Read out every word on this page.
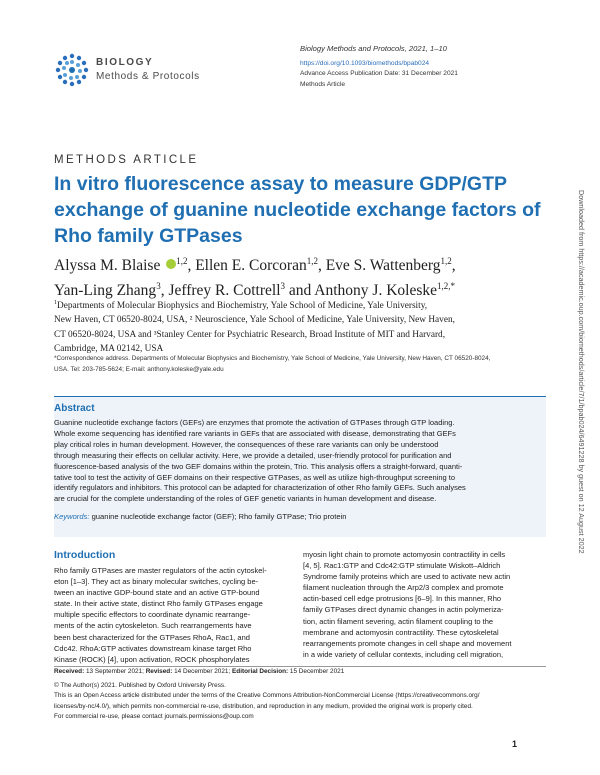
BIOLOGY
Methods & Protocols
Biology Methods and Protocols, 2021, 1–10
https://doi.org/10.1093/biomethods/bpab024
Advance Access Publication Date: 31 December 2021
Methods Article
METHODS ARTICLE
In vitro fluorescence assay to measure GDP/GTP
exchange of guanine nucleotide exchange factors of
Rho family GTPases
Alyssa M. Blaise $^{1,2}$, Ellen E. Corcoran$^{1,2}$, Eve S. Wattenberg$^{1,2}$,
Yan-Ling Zhang$^3$, Jeffrey R. Cottrell$^3$ and Anthony J. Koleske$^{1,2,*}$
$^1$Departments of Molecular Biophysics and Biochemistry, Yale School of Medicine, Yale University,
New Haven, CT 06520-8024, USA, ² Neuroscience, Yale School of Medicine, Yale University, New Haven,
CT 06520-8024, USA and ³Stanley Center for Psychiatric Research, Broad Institute of MIT and Harvard,
Cambridge, MA 02142, USA
*Correspondence address. Departments of Molecular Biophysics and Biochemistry, Yale School of Medicine, Yale University, New Haven, CT 06520-8024,
USA. Tel: 203-785-5624; E-mail: anthony.koleske@yale.edu
Abstract
Guanine nucleotide exchange factors (GEFs) are enzymes that promote the activation of GTPases through GTP loading.
Whole exome sequencing has identified rare variants in GEFs that are associated with disease, demonstrating that GEFs
play critical roles in human development. However, the consequences of these rare variants can only be understood
through measuring their effects on cellular activity. Here, we provide a detailed, user-friendly protocol for purification and
fluorescence-based analysis of the two GEF domains within the protein, Trio. This analysis offers a straight-forward, quanti-
tative tool to test the activity of GEF domains on their respective GTPases, as well as utilize high-throughput screening to
identify regulators and inhibitors. This protocol can be adapted for characterization of other Rho family GEFs. Such analyses
are crucial for the complete understanding of the roles of GEF genetic variants in human development and disease.
Keywords: guanine nucleotide exchange factor (GEF); Rho family GTPase; Trio protein
Introduction
Rho family GTPases are master regulators of the actin cytoskel-
eton [1–3]. They act as binary molecular switches, cycling be-
tween an inactive GDP-bound state and an active GTP-bound
state. In their active state, distinct Rho family GTPases engage
multiple specific effectors to coordinate dynamic rearrange-
ments of the actin cytoskeleton. Such rearrangements have
been best characterized for the GTPases RhoA, Rac1, and
Cdc42. RhoA:GTP activates downstream kinase target Rho
Kinase (ROCK) [4], upon activation, ROCK phosphorylates
myosin light chain to promote actomyosin contractility in cells
[4, 5]. Rac1:GTP and Cdc42:GTP stimulate Wiskott–Aldrich
Syndrome family proteins which are used to activate new actin
filament nucleation through the Arp2/3 complex and promote
actin-based cell edge protrusions [6–9]. In this manner, Rho
family GTPases direct dynamic changes in actin polymeriza-
tion, actin filament severing, actin filament coupling to the
membrane and actomyosin contractility. These cytoskeletal
rearrangements promote changes in cell shape and movement
in a wide variety of cellular contexts, including cell migration,
Received: 13 September 2021; Revised: 14 December 2021; Editorial Decision: 15 December 2021
© The Author(s) 2021. Published by Oxford University Press.
This is an Open Access article distributed under the terms of the Creative Commons Attribution-NonCommercial License (https://creativecommons.org/
licenses/by-nc/4.0/), which permits non-commercial re-use, distribution, and reproduction in any medium, provided the original work is properly cited.
For commercial re-use, please contact journals.permissions@oup.com
1
Downloaded from https://academic.oup.com/biomethods/article/7/1/bpab024/6491228 by guest on 12 August 2022
